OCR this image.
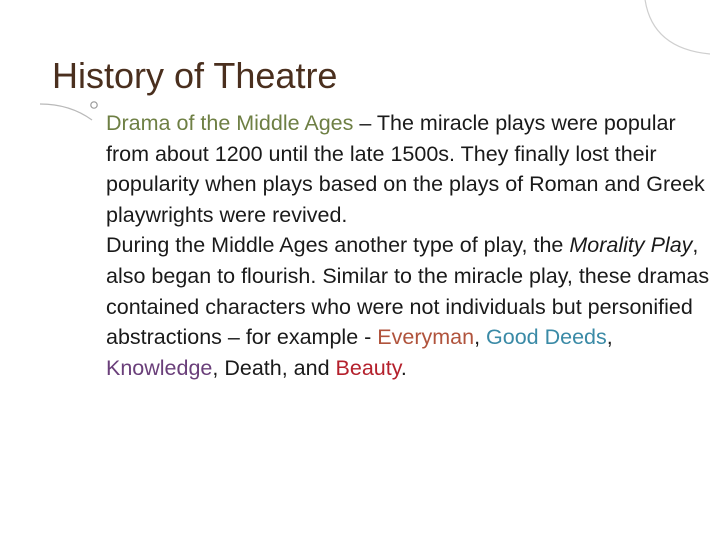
History of Theatre

Drama of the Middle Ages – The miracle plays were popular from about 1200 until the late 1500s. They finally lost their popularity when plays based on the plays of Roman and Greek playwrights were revived.

During the Middle Ages another type of play, the Morality Play, also began to flourish. Similar to the miracle play, these dramas contained characters who were not individuals but personified abstractions – for example - Everyman, Good Deeds, Knowledge, Death, and Beauty.
